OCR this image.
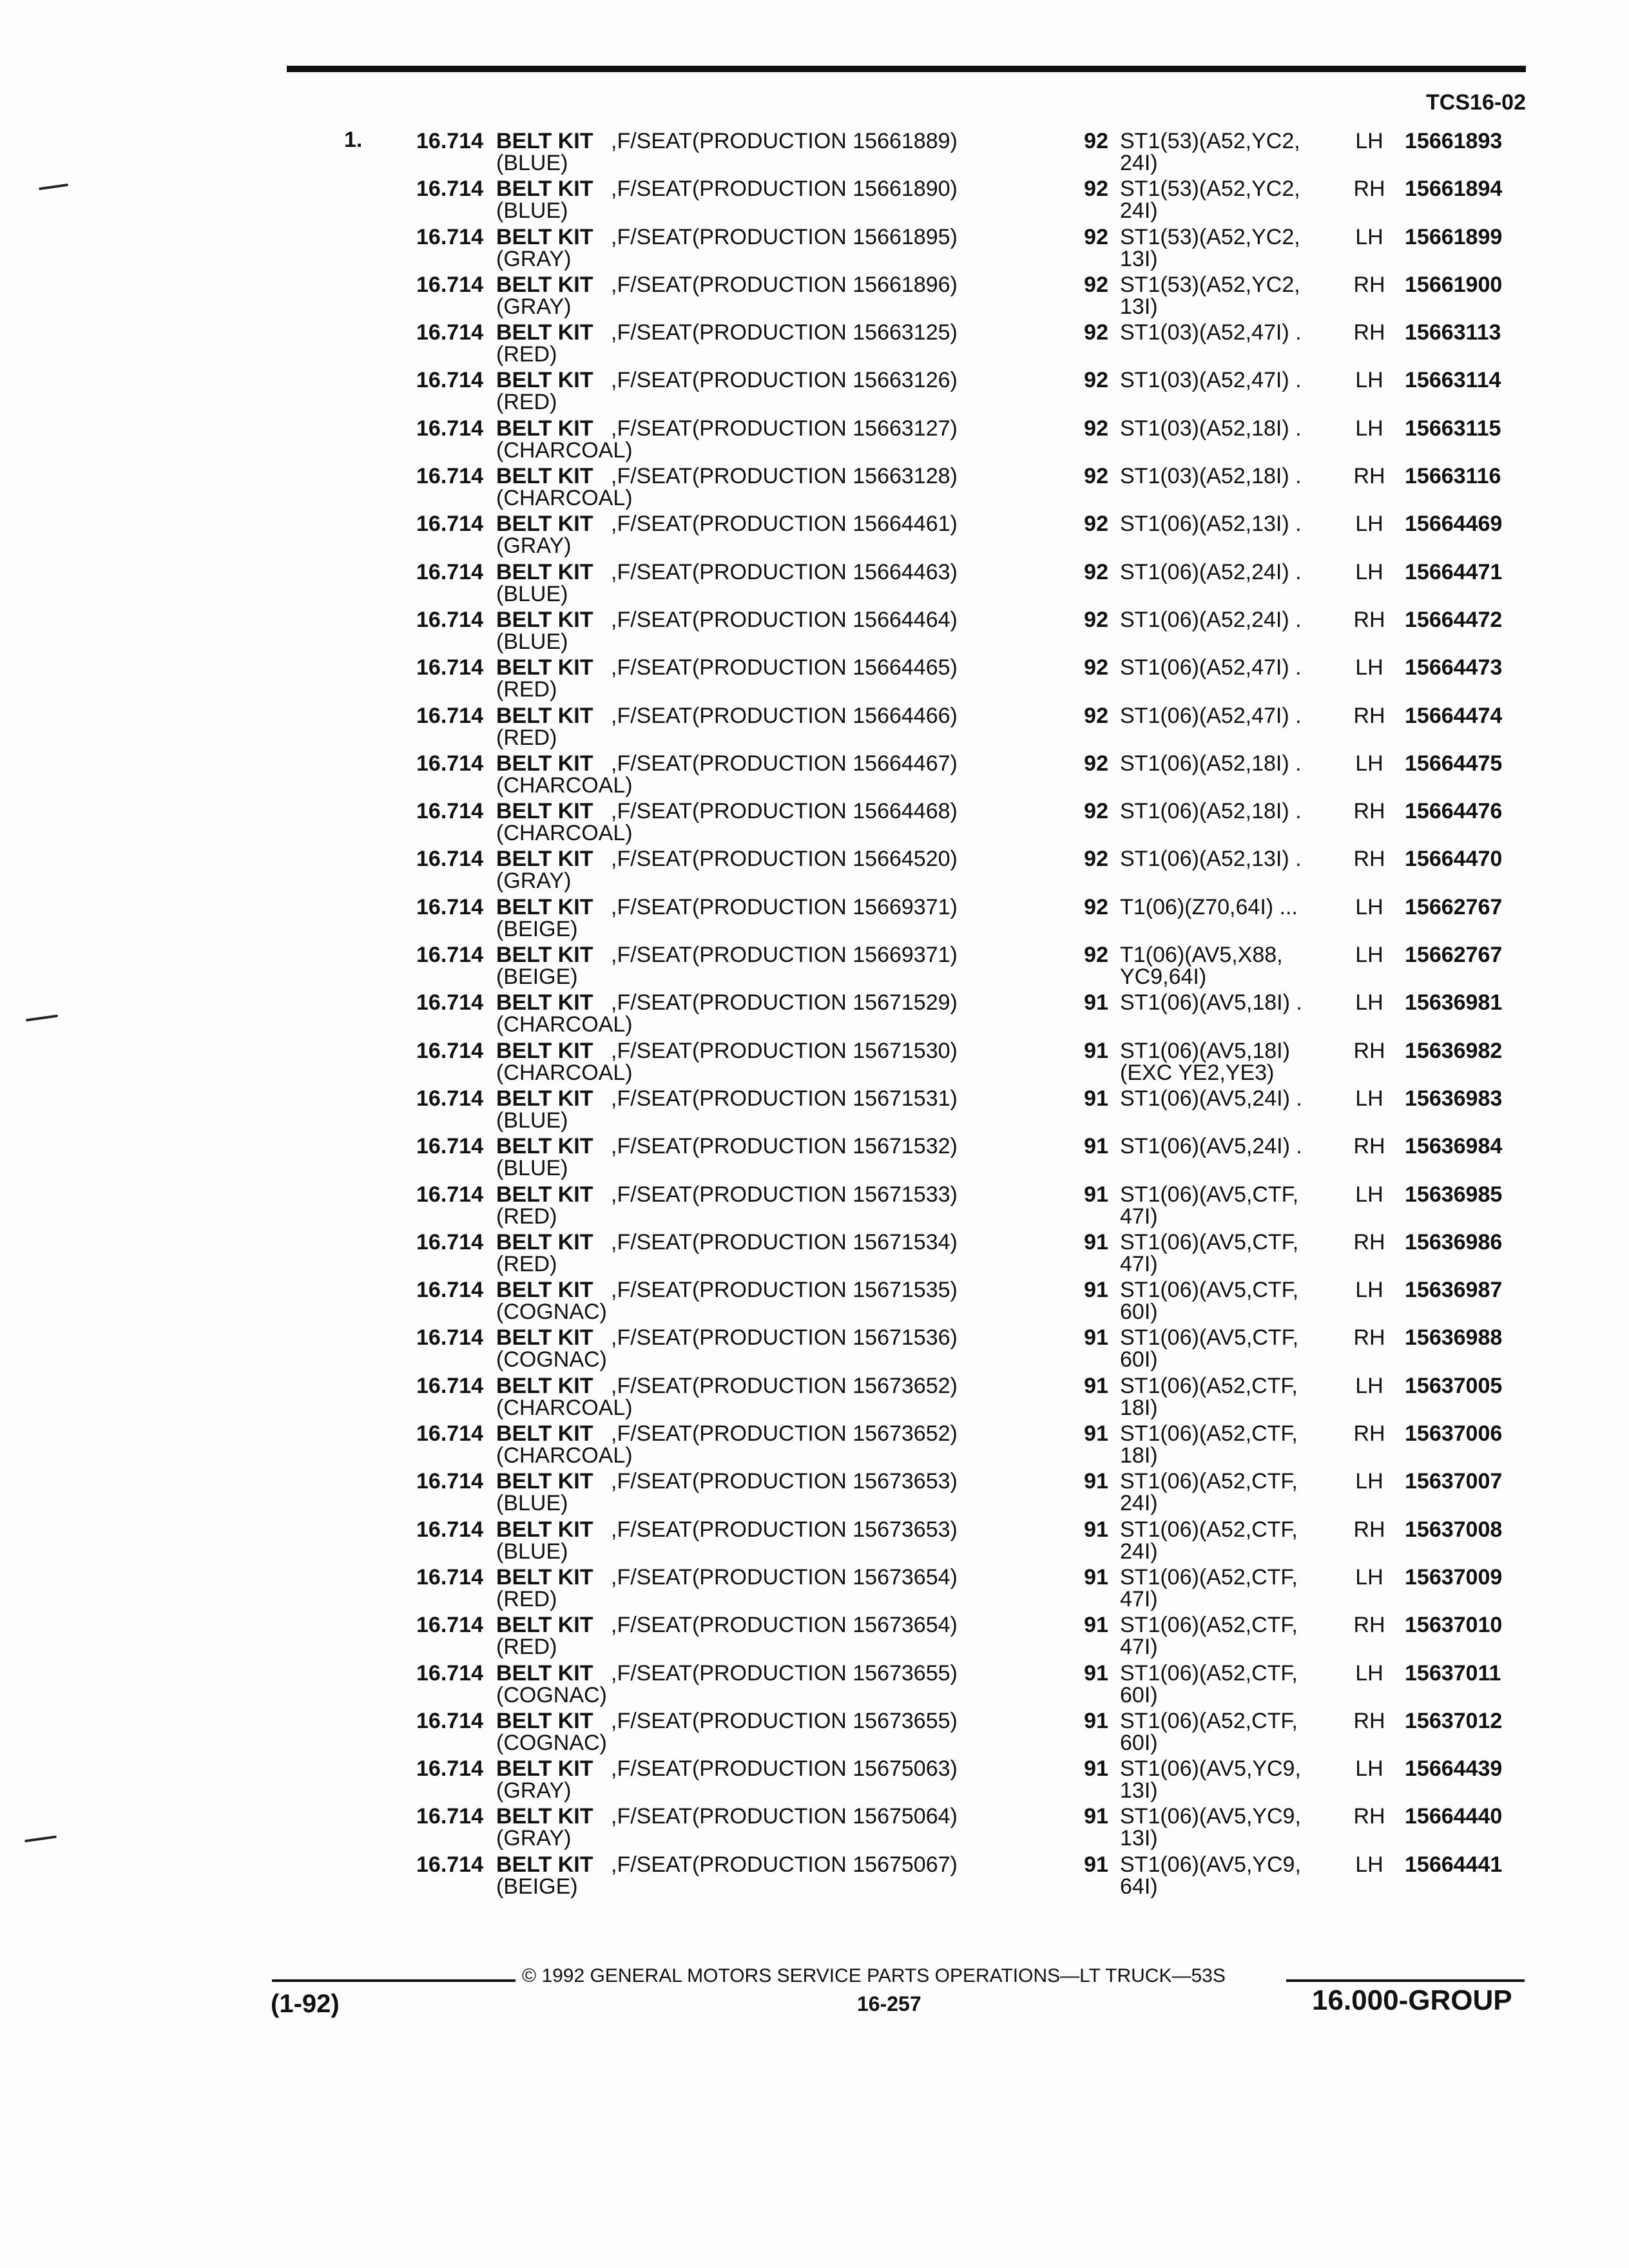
TCS16-02
1.	16.714 BELT KIT ,F/SEAT(PRODUCTION 15661889)
(BLUE)
92 ST1(53)(A52,YC2,
24I)
LH 15661893
16.714 BELT KIT ,F/SEAT(PRODUCTION 15661890)
(BLUE)
92 ST1(53)(A52,YC2,
24I)
RH 15661894
16.714 BELT KIT ,F/SEAT(PRODUCTION 15661895)
(GRAY)
92 ST1(53)(A52,YC2,
13I)
LH 15661899
16.714 BELT KIT ,F/SEAT(PRODUCTION 15661896)
(GRAY)
92 ST1(53)(A52,YC2,
13I)
RH 15661900
16.714 BELT KIT ,F/SEAT(PRODUCTION 15663125)
(RED)
92 ST1(03)(A52,47I) .	RH 15663113
16.714 BELT KIT ,F/SEAT(PRODUCTION 15663126)
(RED)
92 ST1(03)(A52,47I) .	LH 15663114
16.714 BELT KIT ,F/SEAT(PRODUCTION 15663127)
(CHARCOAL)
92 ST1(03)(A52,18I) .	LH 15663115
16.714 BELT KIT ,F/SEAT(PRODUCTION 15663128)
(CHARCOAL)
92 ST1(03)(A52,18I) .	RH 15663116
16.714 BELT KIT ,F/SEAT(PRODUCTION 15664461)
(GRAY)
92 ST1(06)(A52,13I) .	LH 15664469
16.714 BELT KIT ,F/SEAT(PRODUCTION 15664463)
(BLUE)
92 ST1(06)(A52,24I) .	LH 15664471
16.714 BELT KIT ,F/SEAT(PRODUCTION 15664464)
(BLUE)
92 ST1(06)(A52,24I) .	RH 15664472
16.714 BELT KIT ,F/SEAT(PRODUCTION 15664465)
(RED)
92 ST1(06)(A52,47I) .	LH 15664473
16.714 BELT KIT ,F/SEAT(PRODUCTION 15664466)
(RED)
92 ST1(06)(A52,47I) .	RH 15664474
16.714 BELT KIT ,F/SEAT(PRODUCTION 15664467)
(CHARCOAL)
92 ST1(06)(A52,18I) .	LH 15664475
16.714 BELT KIT ,F/SEAT(PRODUCTION 15664468)
(CHARCOAL)
92 ST1(06)(A52,18I) .	RH 15664476
16.714 BELT KIT ,F/SEAT(PRODUCTION 15664520)
(GRAY)
92 ST1(06)(A52,13I) .	RH 15664470
16.714 BELT KIT ,F/SEAT(PRODUCTION 15669371)
(BEIGE)
92 T1(06)(Z70,64I) ...	LH 15662767
16.714 BELT KIT ,F/SEAT(PRODUCTION 15669371)
(BEIGE)
92 T1(06)(AV5,X88,
YC9,64I)
LH 15662767
16.714 BELT KIT ,F/SEAT(PRODUCTION 15671529)
(CHARCOAL)
91 ST1(06)(AV5,18I) .	LH 15636981
16.714 BELT KIT ,F/SEAT(PRODUCTION 15671530)
(CHARCOAL)
91 ST1(06)(AV5,18I)
(EXC YE2,YE3)
RH 15636982
16.714 BELT KIT ,F/SEAT(PRODUCTION 15671531)
(BLUE)
91 ST1(06)(AV5,24I) .	LH 15636983
16.714 BELT KIT ,F/SEAT(PRODUCTION 15671532)
(BLUE)
91 ST1(06)(AV5,24I) .	RH 15636984
16.714 BELT KIT ,F/SEAT(PRODUCTION 15671533)
(RED)
91 ST1(06)(AV5,CTF,
47I)
LH 15636985
16.714 BELT KIT ,F/SEAT(PRODUCTION 15671534)
(RED)
91 ST1(06)(AV5,CTF,
47I)
RH 15636986
16.714 BELT KIT ,F/SEAT(PRODUCTION 15671535)
(COGNAC)
91 ST1(06)(AV5,CTF,
60I)
LH 15636987
16.714 BELT KIT ,F/SEAT(PRODUCTION 15671536)
(COGNAC)
91 ST1(06)(AV5,CTF,
60I)
RH 15636988
16.714 BELT KIT ,F/SEAT(PRODUCTION 15673652)
(CHARCOAL)
91 ST1(06)(A52,CTF,
18I)
LH 15637005
16.714 BELT KIT ,F/SEAT(PRODUCTION 15673652)
(CHARCOAL)
91 ST1(06)(A52,CTF,
18I)
RH 15637006
16.714 BELT KIT ,F/SEAT(PRODUCTION 15673653)
(BLUE)
91 ST1(06)(A52,CTF,
24I)
LH 15637007
16.714 BELT KIT ,F/SEAT(PRODUCTION 15673653)
(BLUE)
91 ST1(06)(A52,CTF,
24I)
RH 15637008
16.714 BELT KIT ,F/SEAT(PRODUCTION 15673654)
(RED)
91 ST1(06)(A52,CTF,
47I)
LH 15637009
16.714 BELT KIT ,F/SEAT(PRODUCTION 15673654)
(RED)
91 ST1(06)(A52,CTF,
47I)
RH 15637010
16.714 BELT KIT ,F/SEAT(PRODUCTION 15673655)
(COGNAC)
91 ST1(06)(A52,CTF,
60I)
LH 15637011
16.714 BELT KIT ,F/SEAT(PRODUCTION 15673655)
(COGNAC)
91 ST1(06)(A52,CTF,
60I)
RH 15637012
16.714 BELT KIT ,F/SEAT(PRODUCTION 15675063)
(GRAY)
91 ST1(06)(AV5,YC9,
13I)
LH 15664439
16.714 BELT KIT ,F/SEAT(PRODUCTION 15675064)
(GRAY)
91 ST1(06)(AV5,YC9,
13I)
RH 15664440
16.714 BELT KIT ,F/SEAT(PRODUCTION 15675067)
(BEIGE)
91 ST1(06)(AV5,YC9,
64I)
LH 15664441
© 1992 GENERAL MOTORS SERVICE PARTS OPERATIONS—LT TRUCK—53S
(1-92)	16-257	16.000-GROUP
